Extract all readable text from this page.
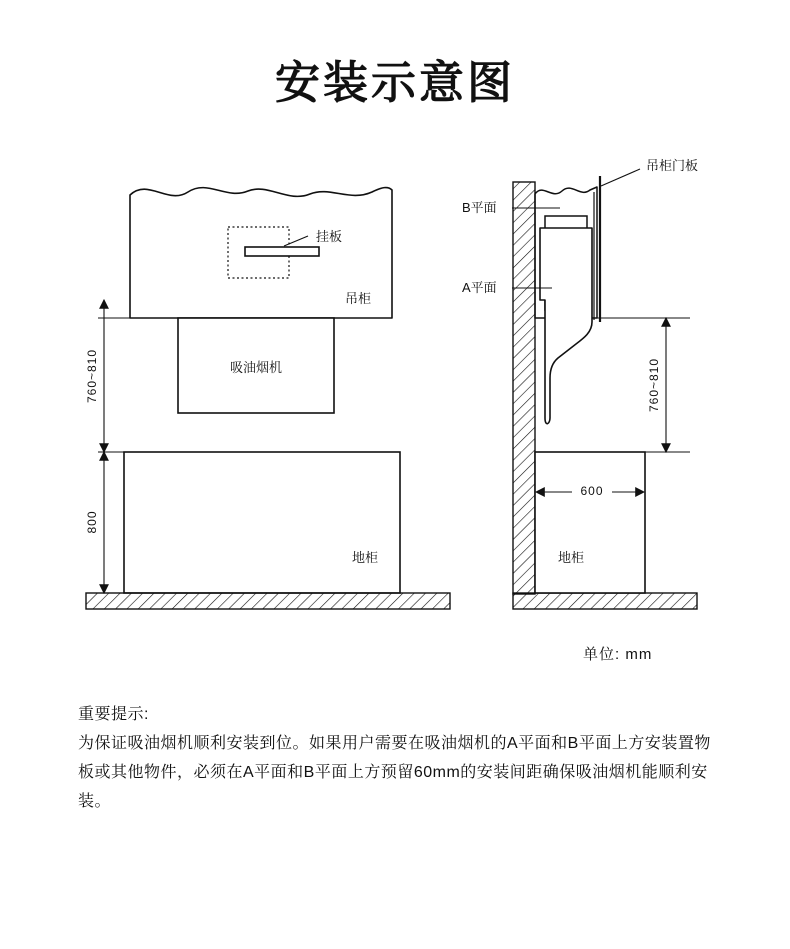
安装示意图
挂板
吊柜
吸油烟机
地柜
760~810
800
吊柜门板
B平面
A平面
地柜
760~810
600
单位: mm
重要提示:
为保证吸油烟机顺利安装到位。如果用户需要在吸油烟机的A平面和B平面上方安装置物板或其他物件，必须在A平面和B平面上方预留60mm的安装间距确保吸油烟机能顺利安装。
